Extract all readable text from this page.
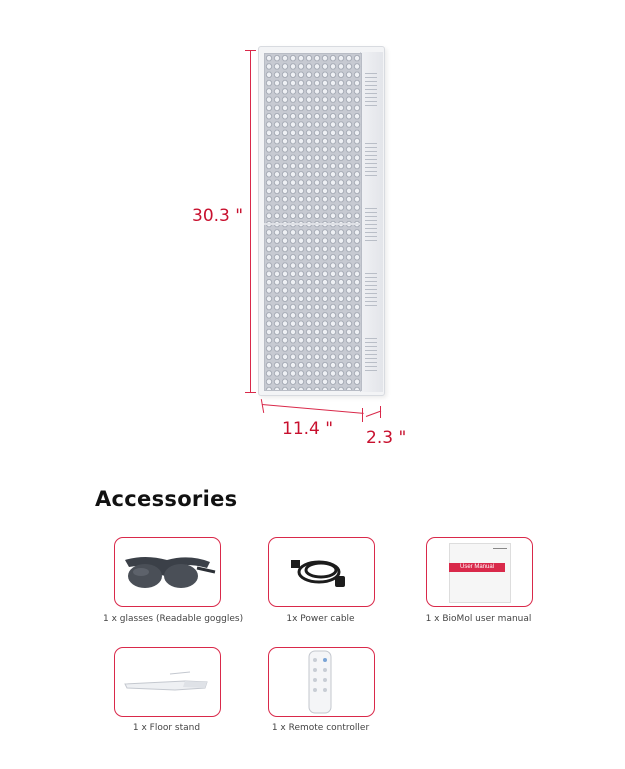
30.3 "
11.4 " 2.3 "
Accessories
1 x glasses (Readable goggles)	1x Power cable
User Manual
1 x BioMol user manual
1 x Floor stand	1 x Remote controller
